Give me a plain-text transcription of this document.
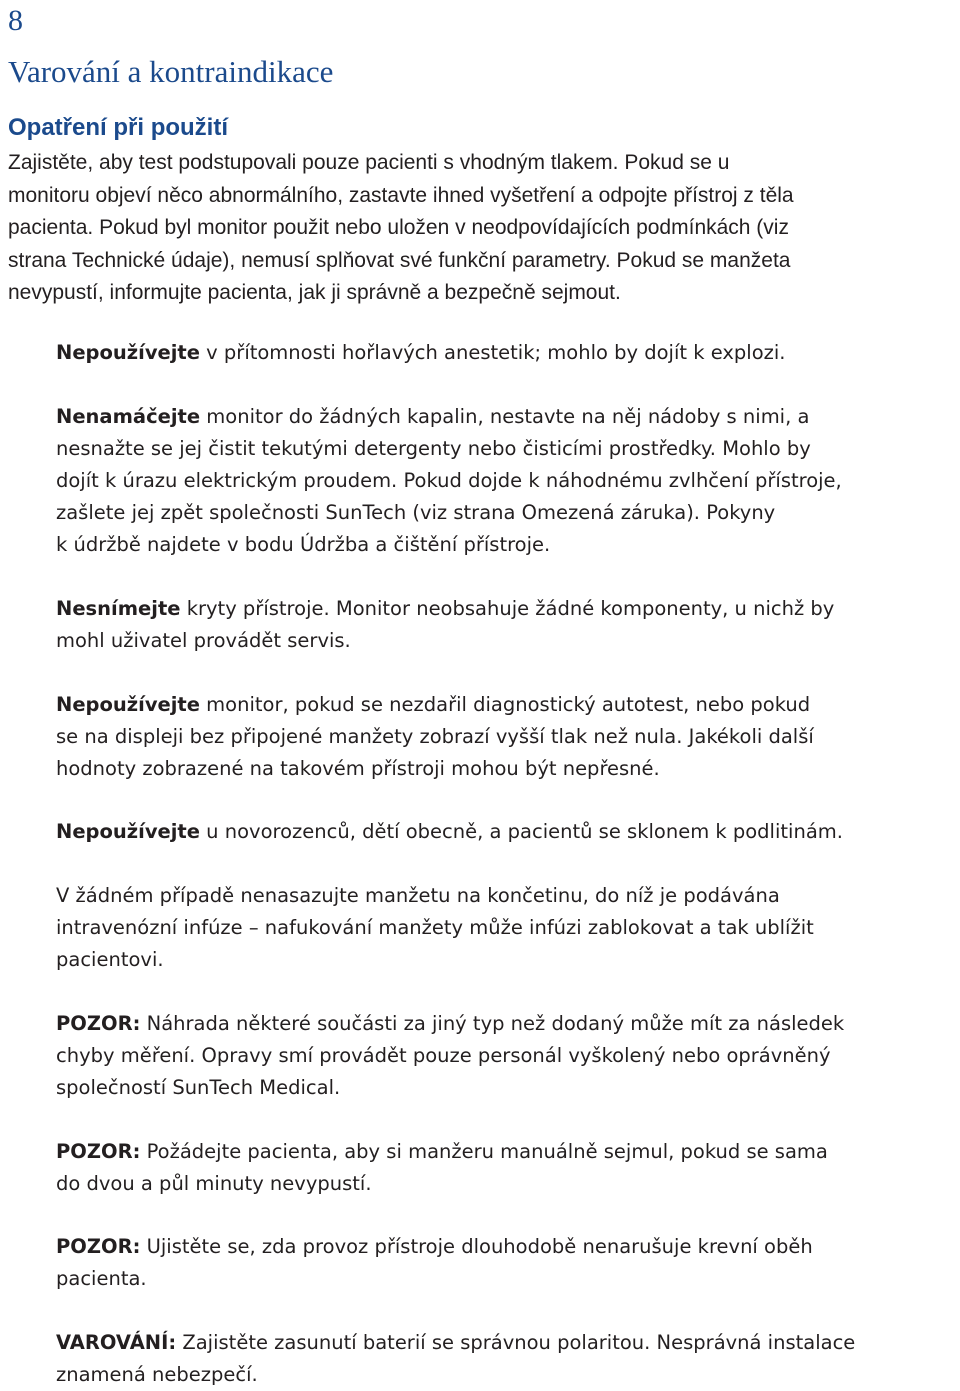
8
Varování a kontraindikace
Opatření při použití
Zajistěte, aby test podstupovali pouze pacienti s vhodným tlakem. Pokud se u
monitoru objeví něco abnormálního, zastavte ihned vyšetření a odpojte přístroj z těla
pacienta. Pokud byl monitor použit nebo uložen v neodpovídajících podmínkách (viz
strana Technické údaje), nemusí splňovat své funkční parametry. Pokud se manžeta
nevypustí, informujte pacienta, jak ji správně a bezpečně sejmout.
Nepoužívejte v přítomnosti hořlavých anestetik; mohlo by dojít k explozi.
Nenamáčejte monitor do žádných kapalin, nestavte na něj nádoby s nimi, a
nesnažte se jej čistit tekutými detergenty nebo čisticími prostředky. Mohlo by
dojít k úrazu elektrickým proudem. Pokud dojde k náhodnému zvlhčení přístroje,
zašlete jej zpět společnosti SunTech (viz strana Omezená záruka). Pokyny
k údržbě najdete v bodu Údržba a čištění přístroje.
Nesnímejte kryty přístroje. Monitor neobsahuje žádné komponenty, u nichž by
mohl uživatel provádět servis.
Nepoužívejte monitor, pokud se nezdařil diagnostický autotest, nebo pokud
se na displeji bez připojené manžety zobrazí vyšší tlak než nula. Jakékoli další
hodnoty zobrazené na takovém přístroji mohou být nepřesné.
Nepoužívejte u novorozenců, dětí obecně, a pacientů se sklonem k podlitinám.
V žádném případě nenasazujte manžetu na končetinu, do níž je podávána
intravenózní infúze – nafukování manžety může infúzi zablokovat a tak ublížit
pacientovi.
POZOR: Náhrada některé součásti za jiný typ než dodaný může mít za následek
chyby měření. Opravy smí provádět pouze personál vyškolený nebo oprávněný
společností SunTech Medical.
POZOR: Požádejte pacienta, aby si manžeru manuálně sejmul, pokud se sama
do dvou a půl minuty nevypustí.
POZOR: Ujistěte se, zda provoz přístroje dlouhodobě nenarušuje krevní oběh
pacienta.
VAROVÁNÍ: Zajistěte zasunutí baterií se správnou polaritou. Nesprávná instalace
znamená nebezpečí.
